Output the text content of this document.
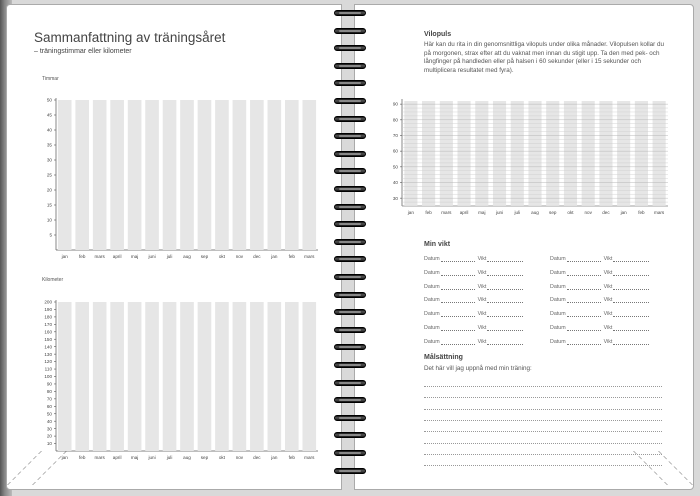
Sammanfattning av träningsåret
– träningstimmar eller kilometer
Timmar
5
10
15
20
25
30
35
40
45
50
jan feb mars april maj juni juli aug sep okt nov dec jan feb mars
Kilometer
10
20
30
40
50
60
70
80
90
100
110
120
130
140
150
160
170
180
190
200
jan feb mars april maj juni juli aug sep okt nov dec jan feb mars
Vilopuls
Här kan du rita in din genomsnittliga vilopuls under olika månader. Vilopulsen kollar du på morgonen, strax efter att du vaknat men innan du stigit upp. Ta den med pek- och långfinger på handleden eller på halsen i 60 sekunder (eller i 15 sekunder och multiplicera resultatet med fyra).
30
40
50
60
70
80
90
jan feb mars april maj juni juli aug sep okt nov dec jan feb mars
Min vikt
Datum	Vikt	Datum	Vikt
Datum	Vikt	Datum	Vikt
Datum	Vikt	Datum	Vikt
Datum	Vikt	Datum	Vikt
Datum	Vikt	Datum	Vikt
Datum	Vikt	Datum	Vikt
Datum	Vikt	Datum	Vikt
Målsättning
Det här vill jag uppnå med min träning:
